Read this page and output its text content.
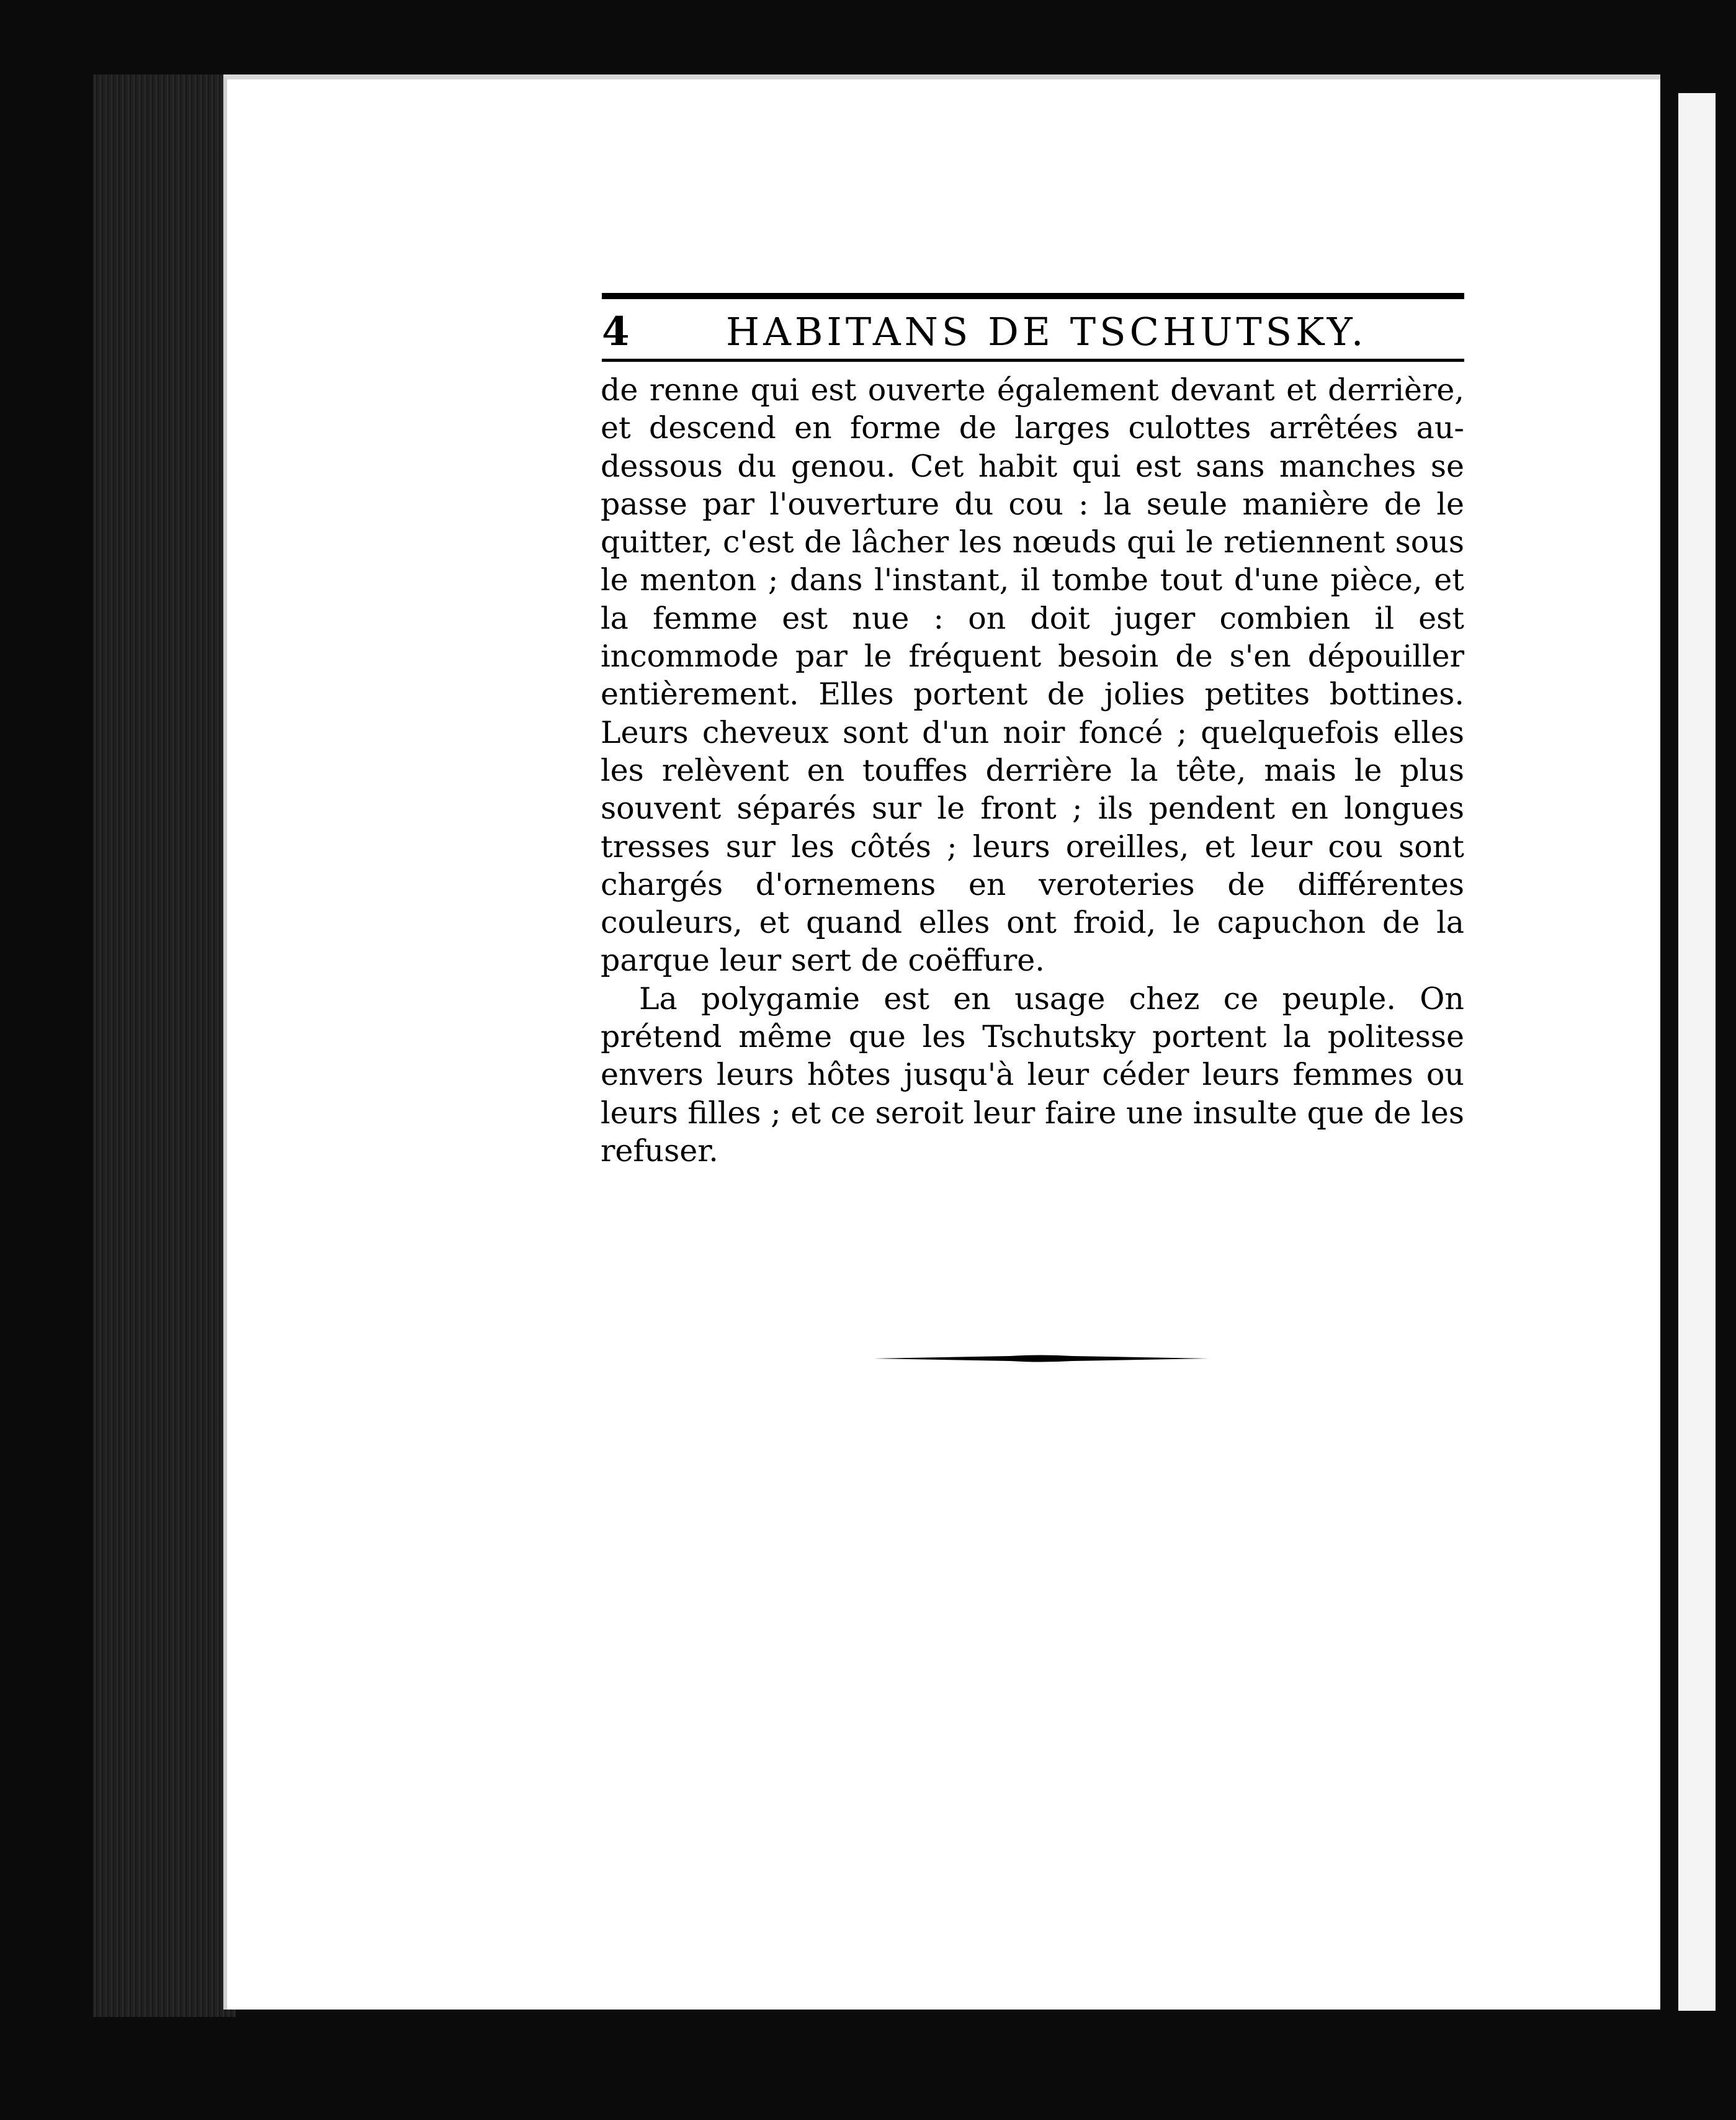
4	HABITANS DE TSCHUTSKY.

de renne qui est ouverte également devant et derrière, et descend en forme de larges culottes arrêtées au-dessous du genou. Cet habit qui est sans manches se passe par l'ouverture du cou : la seule manière de le quitter, c'est de lâcher les nœuds qui le retiennent sous le menton ; dans l'instant, il tombe tout d'une pièce, et la femme est nue : on doit juger combien il est incommode par le fréquent besoin de s'en dépouiller entièrement. Elles portent de jolies petites bottines. Leurs cheveux sont d'un noir foncé ; quelquefois elles les relèvent en touffes derrière la tête, mais le plus souvent séparés sur le front ; ils pendent en longues tresses sur les côtés ; leurs oreilles, et leur cou sont chargés d'ornemens en veroteries de différentes couleurs, et quand elles ont froid, le capuchon de la parque leur sert de coëffure.

La polygamie est en usage chez ce peuple. On prétend même que les Tschutsky portent la politesse envers leurs hôtes jusqu'à leur céder leurs femmes ou leurs filles ; et ce seroit leur faire une insulte que de les refuser.
